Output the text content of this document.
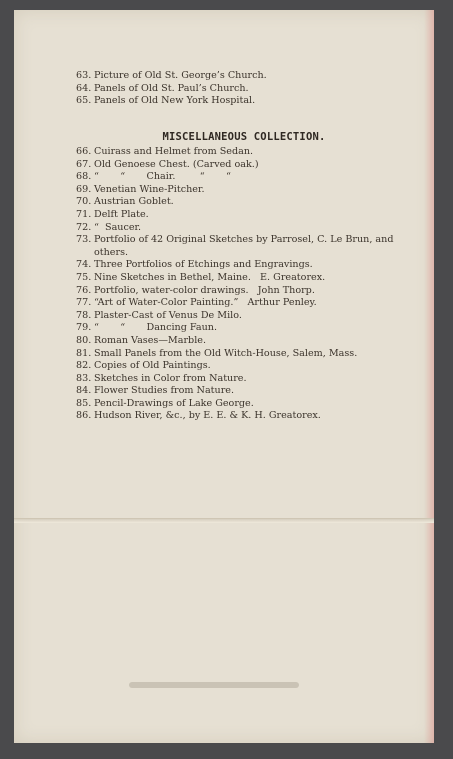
63. Picture of Old St. George’s Church.
64. Panels of Old St. Paul’s Church.
65. Panels of Old New York Hospital.
MISCELLANEOUS COLLECTION.
66. Cuirass and Helmet from Sedan.
67. Old Genoese Chest. (Carved oak.)
68. “       “       Chair.        “       “
69. Venetian Wine-Pitcher.
70. Austrian Goblet.
71. Delft Plate.
72. “  Saucer.
73. Portfolio of 42 Original Sketches by Parrosel, C. Le Brun, and
others.
74. Three Portfolios of Etchings and Engravings.
75. Nine Sketches in Bethel, Maine.   E. Greatorex.
76. Portfolio, water-color drawings.   John Thorp.
77. “Art of Water-Color Painting.”   Arthur Penley.
78. Plaster-Cast of Venus De Milo.
79. “       “       Dancing Faun.
80. Roman Vases—Marble.
81. Small Panels from the Old Witch-House, Salem, Mass.
82. Copies of Old Paintings.
83. Sketches in Color from Nature.
84. Flower Studies from Nature.
85. Pencil-Drawings of Lake George.
86. Hudson River, &c., by E. E. & K. H. Greatorex.
